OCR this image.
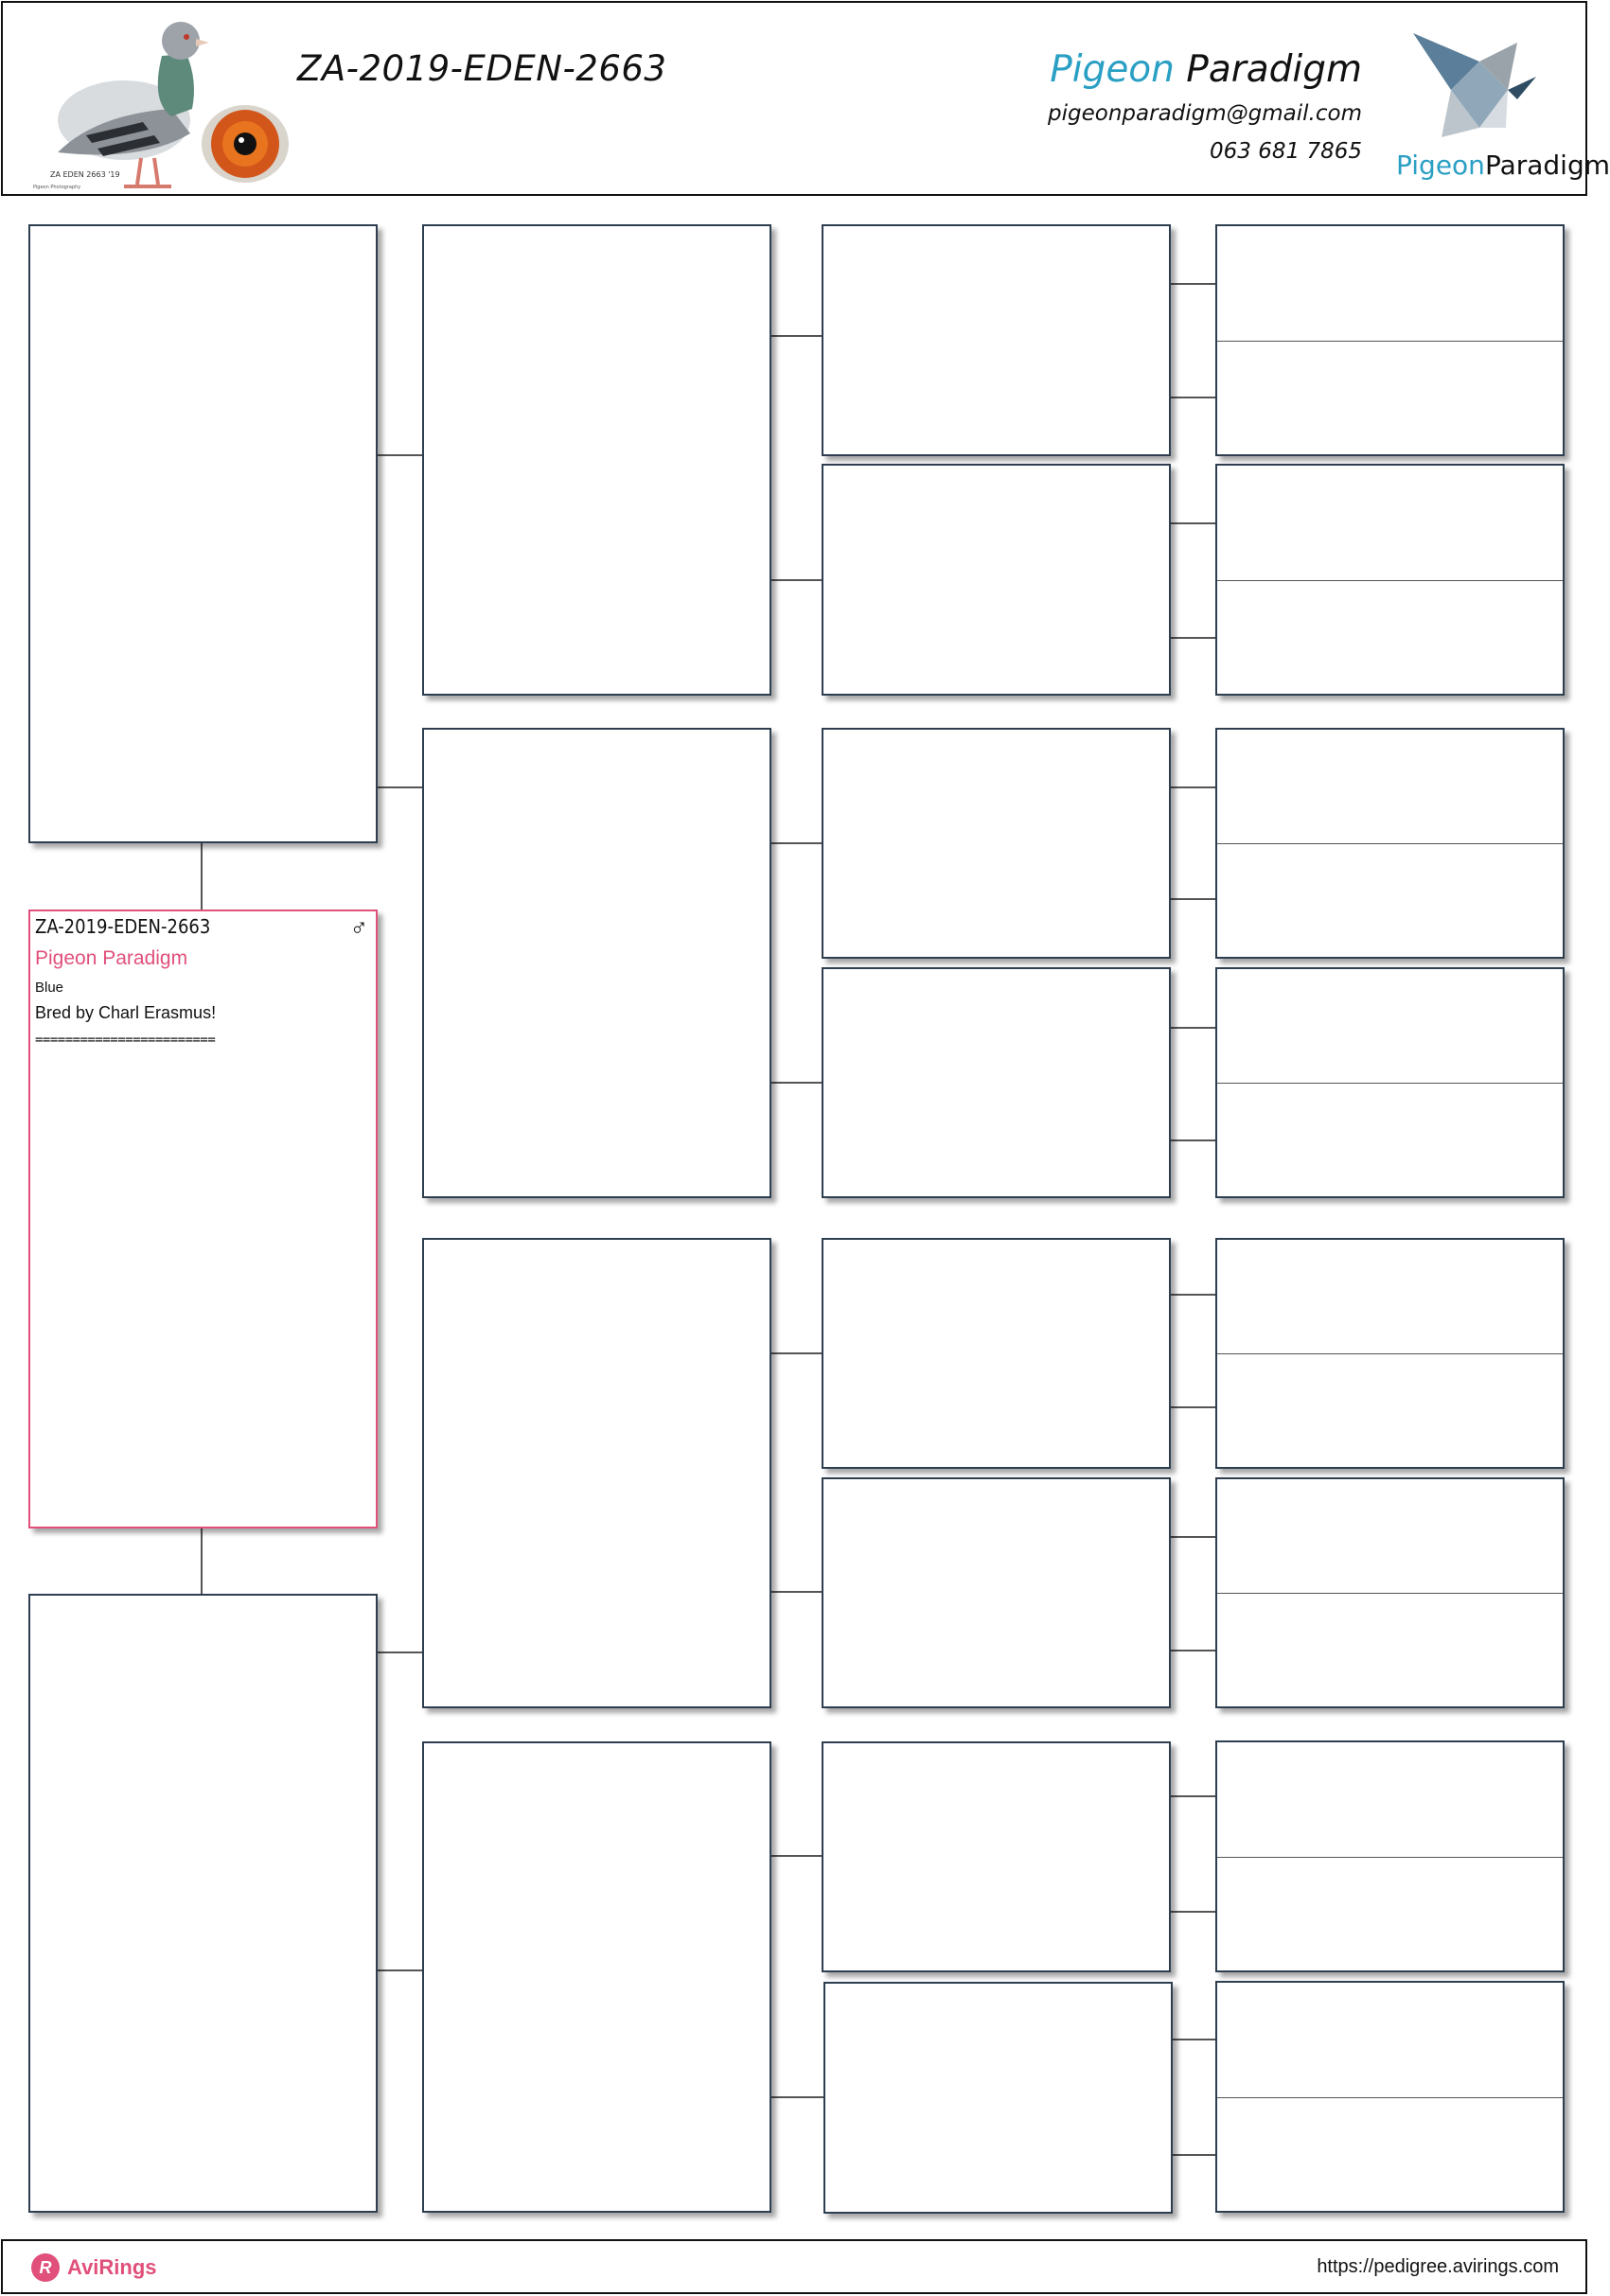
ZA EDEN 2663 '19
Pigeon Photography
ZA-2019-EDEN-2663	Pigeon Paradigm
pigeonparadigm@gmail.com
063 681 7865 PigeonParadigm
ZA-2019-EDEN-2663	♂
Pigeon Paradigm
Blue
Bred by Charl Erasmus!
========================
R AviRings	https://pedigree.avirings.com
